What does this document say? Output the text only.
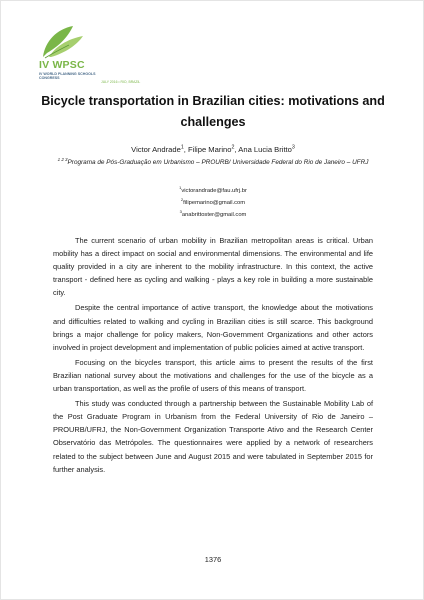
IV WPSC
IV WORLD PLANNING SCHOOLS CONGRESS
JULY 2016 • RIO, BRAZIL
Bicycle transportation in Brazilian cities: motivations and challenges
Victor Andrade$^1$, Filipe Marino$^2$, Ana Lucia Britto$^3$
$^{1 2 3}$Programa de Pós-Graduação em Urbanismo – PROURB/ Universidade Federal do Rio de Janeiro – UFRJ
$^1$victorandrade@fau.ufrj.br
$^2$filipemarino@gmail.com
$^3$anabrittoster@gmail.com

The current scenario of urban mobility in Brazilian metropolitan areas is critical. Urban mobility has a direct impact on social and environmental dimensions. The environmental and life quality provided in a city are inherent to the mobility infrastructure. In this context, the active transport - defined here as cycling and walking - plays a key role in building a more sustainable city.

Despite the central importance of active transport, the knowledge about the motivations and difficulties related to walking and cycling in Brazilian cities is still scarce. This background brings a major challenge for policy makers, Non-Government Organizations and other actors involved in project development and implementation of public policies aimed at active transport.

Focusing on the bicycles transport, this article aims to present the results of the first Brazilian national survey about the motivations and challenges for the use of the bicycle as a urban transportation, as well as the profile of users of this means of transport.

This study was conducted through a partnership between the Sustainable Mobility Lab of the Post Graduate Program in Urbanism from the Federal University of Rio de Janeiro – PROURB/UFRJ, the Non-Government Organization Transporte Ativo and the Research Center Observatório das Metrópoles. The questionnaires were applied by a network of researchers related to the subject between June and August 2015 and were tabulated in September 2015 for further analysis.

1376
